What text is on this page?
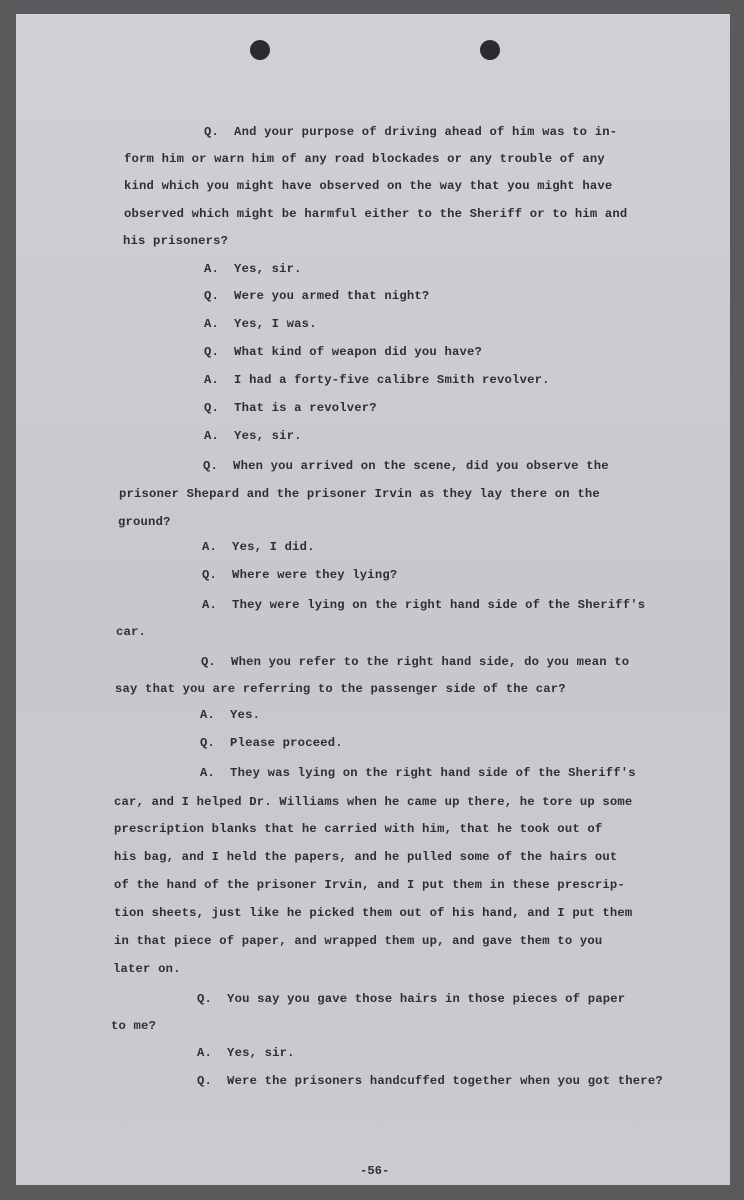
Q.  And your purpose of driving ahead of him was to in-
form him or warn him of any road blockades or any trouble of any
kind which you might have observed on the way that you might have
observed which might be harmful either to the Sheriff or to him and
his prisoners?
A.  Yes, sir.
Q.  Were you armed that night?
A.  Yes, I was.
Q.  What kind of weapon did you have?
A.  I had a forty-five calibre Smith revolver.
Q.  That is a revolver?
A.  Yes, sir.
Q.  When you arrived on the scene, did you observe the
prisoner Shepard and the prisoner Irvin as they lay there on the
ground?
A.  Yes, I did.
Q.  Where were they lying?
A.  They were lying on the right hand side of the Sheriff's
car.
Q.  When you refer to the right hand side, do you mean to
say that you are referring to the passenger side of the car?
A.  Yes.
Q.  Please proceed.
A.  They was lying on the right hand side of the Sheriff's
car, and I helped Dr. Williams when he came up there, he tore up some
prescription blanks that he carried with him, that he took out of
his bag, and I held the papers, and he pulled some of the hairs out
of the hand of the prisoner Irvin, and I put them in these prescrip-
tion sheets, just like he picked them out of his hand, and I put them
in that piece of paper, and wrapped them up, and gave them to you
later on.
Q.  You say you gave those hairs in those pieces of paper
to me?
A.  Yes, sir.
Q.  Were the prisoners handcuffed together when you got there?
-56-
